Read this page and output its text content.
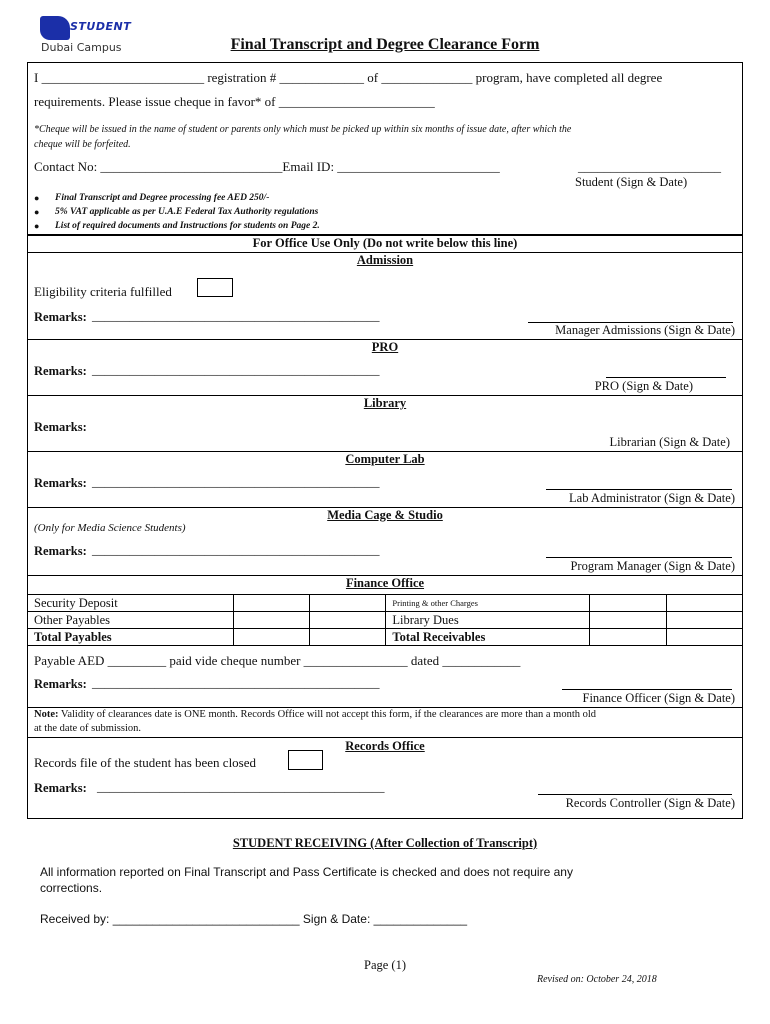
STUDENT
Dubai Campus	Final Transcript and Degree Clearance Form
I _________________________ registration # _____________ of ______________ program, have completed all degree
requirements. Please issue cheque in favor* of ________________________
*Cheque will be issued in the name of student or parents only which must be picked up within six months of issue date, after which the
cheque will be forfeited.
Contact No: ____________________________Email ID: _________________________	______________________
Student (Sign & Date)
● Final Transcript and Degree processing fee AED 250/-
● 5% VAT applicable as per U.A.E Federal Tax Authority regulations
● List of required documents and Instructions for students on Page 2.
For Office Use Only (Do not write below this line)
Admission
Eligibility criteria fulfilled
Remarks: ______________________________________________
Manager Admissions (Sign & Date)
PRO
Remarks: ______________________________________________
PRO (Sign & Date)
Library
Remarks:
Librarian (Sign & Date)
Computer Lab
Remarks: ______________________________________________
Lab Administrator (Sign & Date)
Media Cage & Studio
(Only for Media Science Students)
Remarks: ______________________________________________
Program Manager (Sign & Date)
Finance Office
Security Deposit			Printing & other Charges		
Other Payables			Library Dues		
Total Payables			Total Receivables		
Payable AED _________ paid vide cheque number ________________ dated ____________
Remarks: ______________________________________________
Finance Officer (Sign & Date)
Note: Validity of clearances date is ONE month. Records Office will not accept this form, if the clearances are more than a month old
at the date of submission.
Records Office
Records file of the student has been closed
Remarks: ______________________________________________
Records Controller (Sign & Date)
STUDENT RECEIVING (After Collection of Transcript)
All information reported on Final Transcript and Pass Certificate is checked and does not require any
corrections.
Received by: ____________________________ Sign & Date: ______________
Page (1)
Revised on: October 24, 2018
